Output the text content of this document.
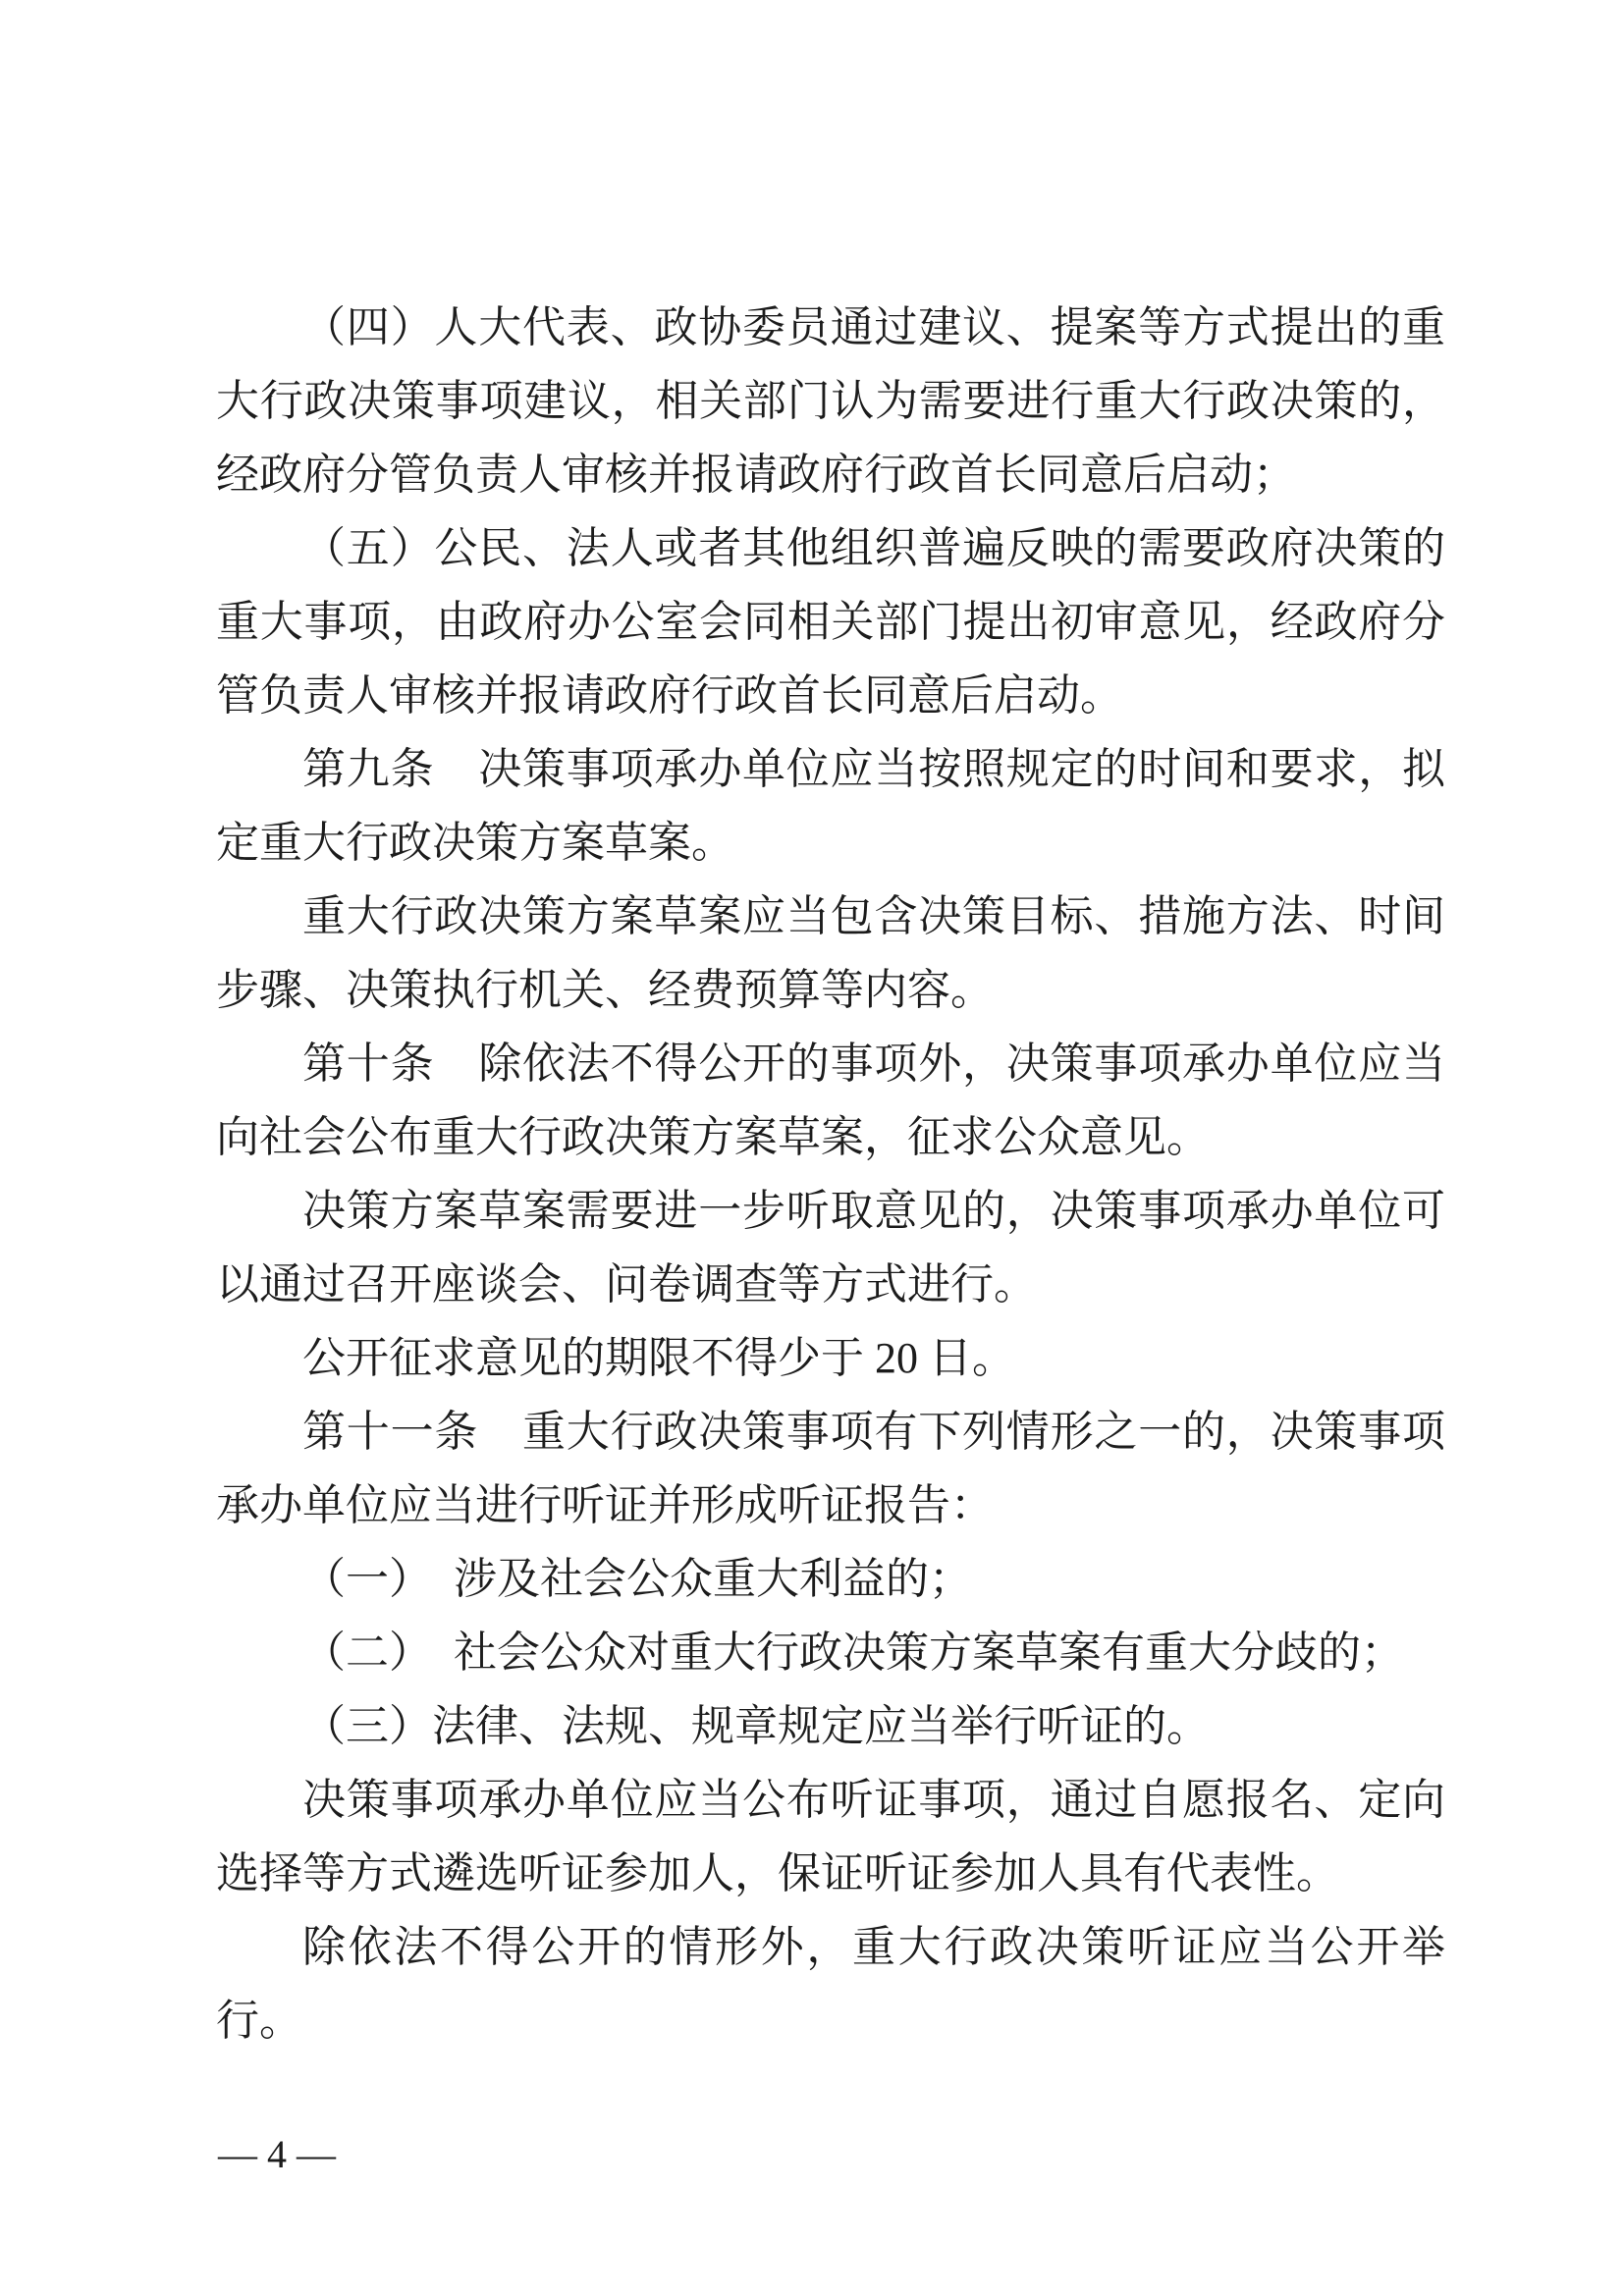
（四）人大代表、政协委员通过建议、提案等方式提出的重
大行政决策事项建议，相关部门认为需要进行重大行政决策的，
经政府分管负责人审核并报请政府行政首长同意后启动；
（五）公民、法人或者其他组织普遍反映的需要政府决策的
重大事项，由政府办公室会同相关部门提出初审意见，经政府分
管负责人审核并报请政府行政首长同意后启动。
第九条　决策事项承办单位应当按照规定的时间和要求，拟
定重大行政决策方案草案。
重大行政决策方案草案应当包含决策目标、措施方法、时间
步骤、决策执行机关、经费预算等内容。
第十条　除依法不得公开的事项外，决策事项承办单位应当
向社会公布重大行政决策方案草案，征求公众意见。
决策方案草案需要进一步听取意见的，决策事项承办单位可
以通过召开座谈会、问卷调查等方式进行。
公开征求意见的期限不得少于 20 日。
第十一条　重大行政决策事项有下列情形之一的，决策事项
承办单位应当进行听证并形成听证报告：
（一）　涉及社会公众重大利益的；
（二）　社会公众对重大行政决策方案草案有重大分歧的；
（三）法律、法规、规章规定应当举行听证的。
决策事项承办单位应当公布听证事项，通过自愿报名、定向
选择等方式遴选听证参加人，保证听证参加人具有代表性。
除依法不得公开的情形外，重大行政决策听证应当公开举
行。
— 4 —
